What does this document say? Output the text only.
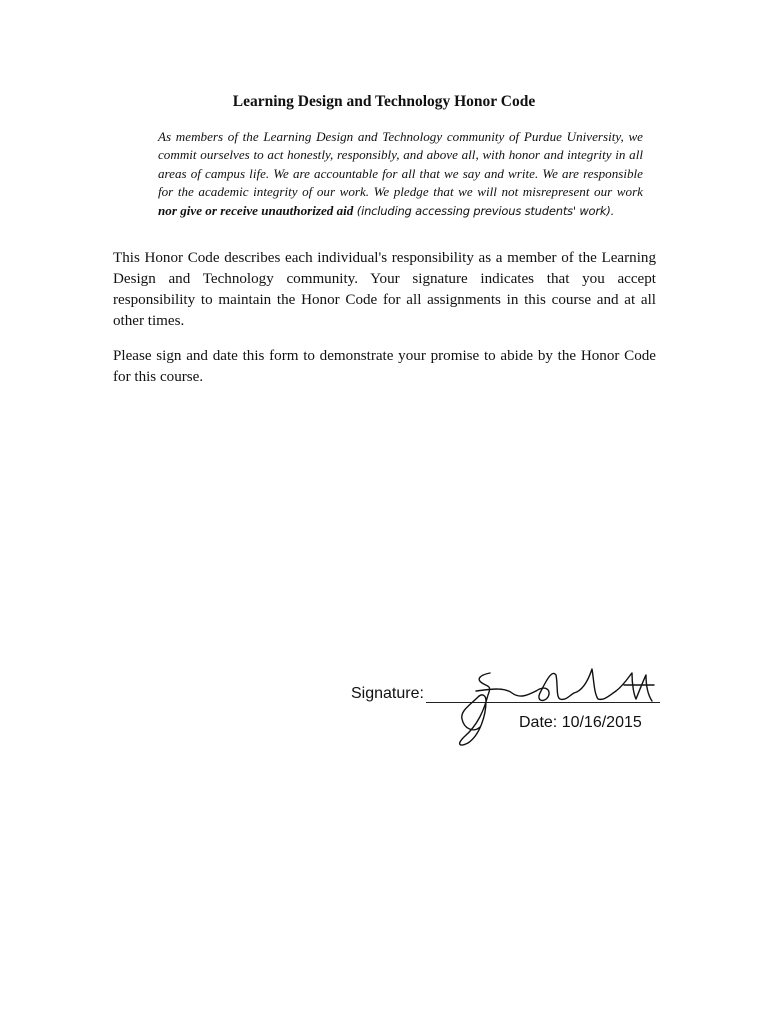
Learning Design and Technology Honor Code
As members of the Learning Design and Technology community of Purdue University, we commit ourselves to act honestly, responsibly, and above all, with honor and integrity in all areas of campus life. We are accountable for all that we say and write. We are responsible for the academic integrity of our work. We pledge that we will not misrepresent our work nor give or receive unauthorized aid (including accessing previous students' work).
This Honor Code describes each individual's responsibility as a member of the Learning Design and Technology community. Your signature indicates that you accept responsibility to maintain the Honor Code for all assignments in this course and at all other times.
Please sign and date this form to demonstrate your promise to abide by the Honor Code for this course.
Signature:
Date: 10/16/2015
